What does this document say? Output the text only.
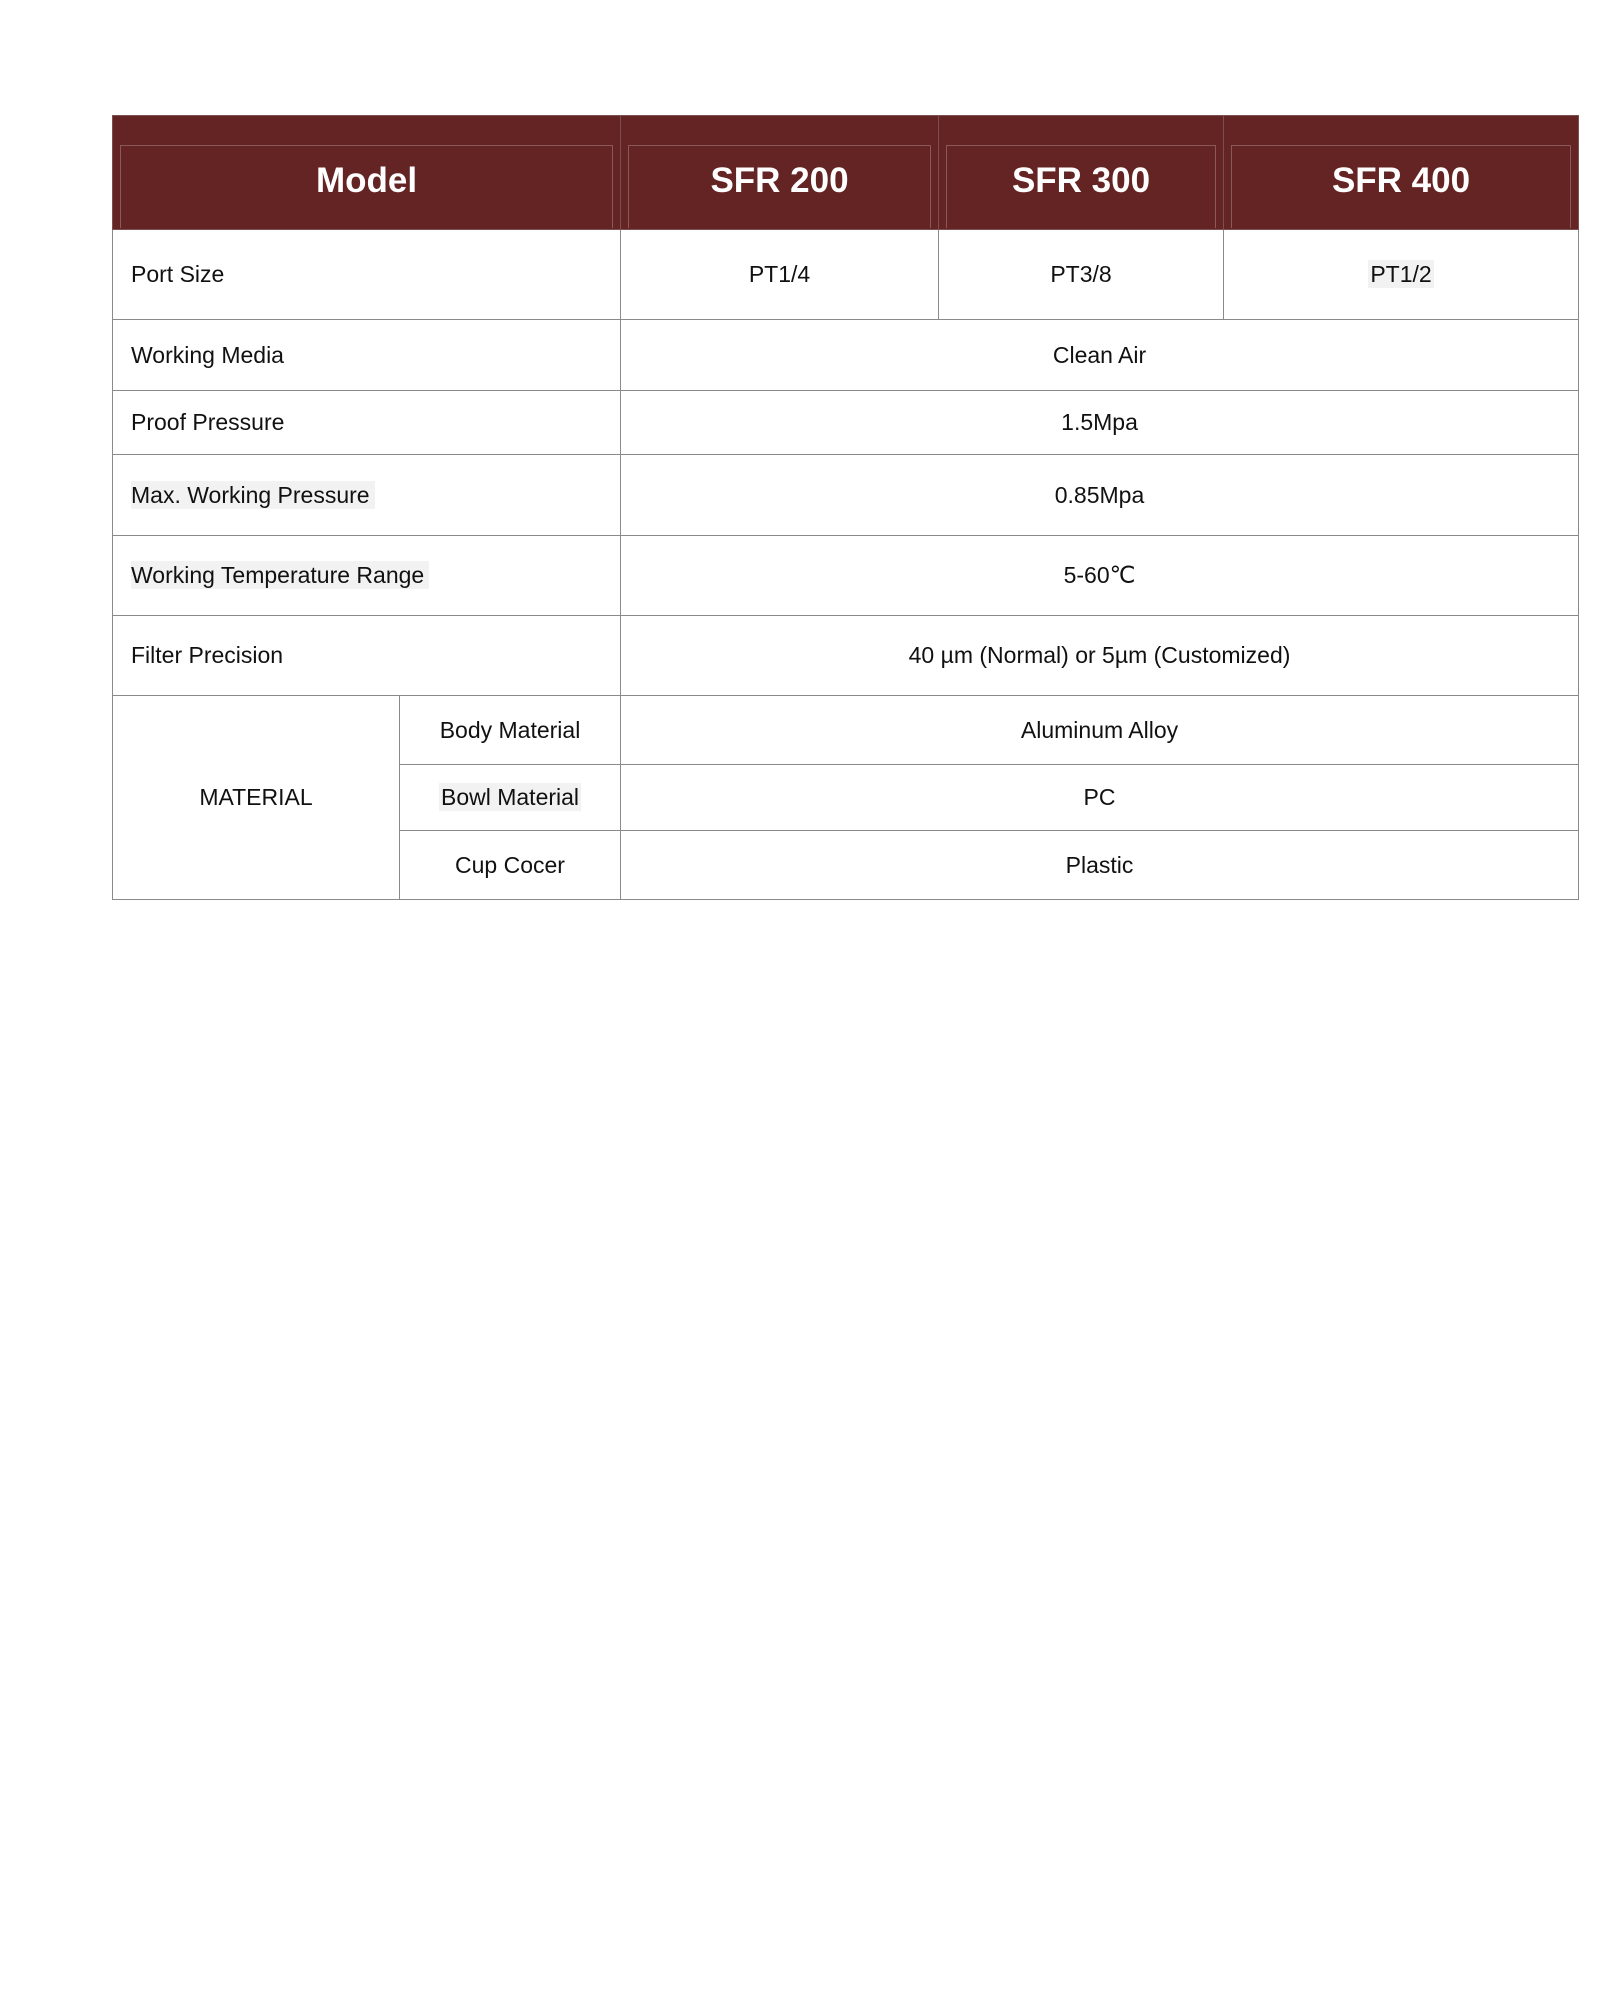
Model		SFR 200	SFR 300	SFR 400

Port Size		PT1/4	PT3/8	PT1/2
Working Media		Clean Air		
Proof Pressure		1.5Mpa		
Max. Working Pressure		0.85Mpa		
Working Temperature Range		5-60℃		
Filter Precision		40 µm (Normal) or 5µm (Customized)		
MATERIAL	Body Material	Aluminum Alloy		
	Bowl Material	PC		
	Cup Cocer	Plastic		
